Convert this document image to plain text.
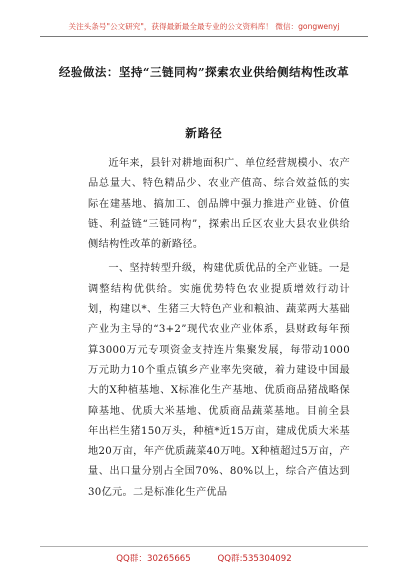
关注头条号"公文研究"，获得最新最全最专业的公文资料库！ 微信：gongwenyj
经验做法：坚持“三链同构”探索农业供给侧结构性改革
新路径

近年来，县针对耕地面积广、单位经营规模小、农产品总量大、特色精品少、农业产值高、综合效益低的实际在建基地、搞加工、创品牌中强力推进产业链、价值链、利益链“三链同构”，探索出丘区农业大县农业供给侧结构性改革的新路径。

一、坚持转型升级，构建优质优品的全产业链。一是调整结构优供给。实施优势特色农业提质增效行动计划，构建以*、生猪三大特色产业和粮油、蔬菜两大基础产业为主导的“3+2”现代农业产业体系，县财政每年预算3000万元专项资金支持连片集聚发展，每带动1000万元助力10个重点镇乡产业率先突破，着力建设中国最大的X种植基地、X标准化生产基地、优质商品猪战略保障基地、优质大米基地、优质商品蔬菜基地。目前全县年出栏生猪150万头，种植*近15万亩，建成优质大米基地20万亩，年产优质蔬菜40万吨。X种植超过5万亩，产量、出口量分别占全国70%、80%以上，综合产值达到30亿元。二是标准化生产优品

QQ群：30265665	QQ群:535304092
